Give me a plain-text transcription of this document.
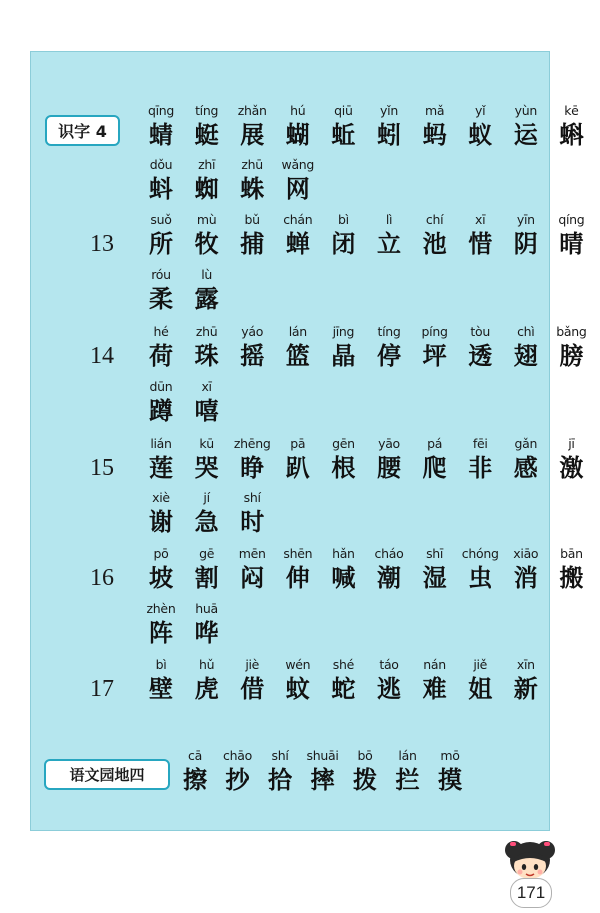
识字 4
qīng
蜻
tíng
蜓
zhǎn
展
hú
蝴
qiū
蚯
yǐn
蚓
mǎ
蚂
yǐ
蚁
yùn
运
kē
蝌
dǒu
蚪
zhī
蜘
zhū
蛛
wǎng
网
13
suǒ
所
mù
牧
bǔ
捕
chán
蝉
bì
闭
lì
立
chí
池
xī
惜
yīn
阴
qíng
晴
róu
柔
lù
露
14
hé
荷
zhū
珠
yáo
摇
lán
篮
jīng
晶
tíng
停
píng
坪
tòu
透
chì
翅
bǎng
膀
dūn
蹲
xī
嘻
15
lián
莲
kū
哭
zhēng
睁
pā
趴
gēn
根
yāo
腰
pá
爬
fēi
非
gǎn
感
jī
激
xiè
谢
jí
急
shí
时
16
pō
坡
gē
割
mēn
闷
shēn
伸
hǎn
喊
cháo
潮
shī
湿
chóng
虫
xiāo
消
bān
搬
zhèn
阵
huā
哗
17
bì
壁
hǔ
虎
jiè
借
wén
蚊
shé
蛇
táo
逃
nán
难
jiě
姐
xīn
新
语文园地四
cā
擦
chāo
抄
shí
拾
shuāi
摔
bō
拨
lán
拦
mō
摸
171
